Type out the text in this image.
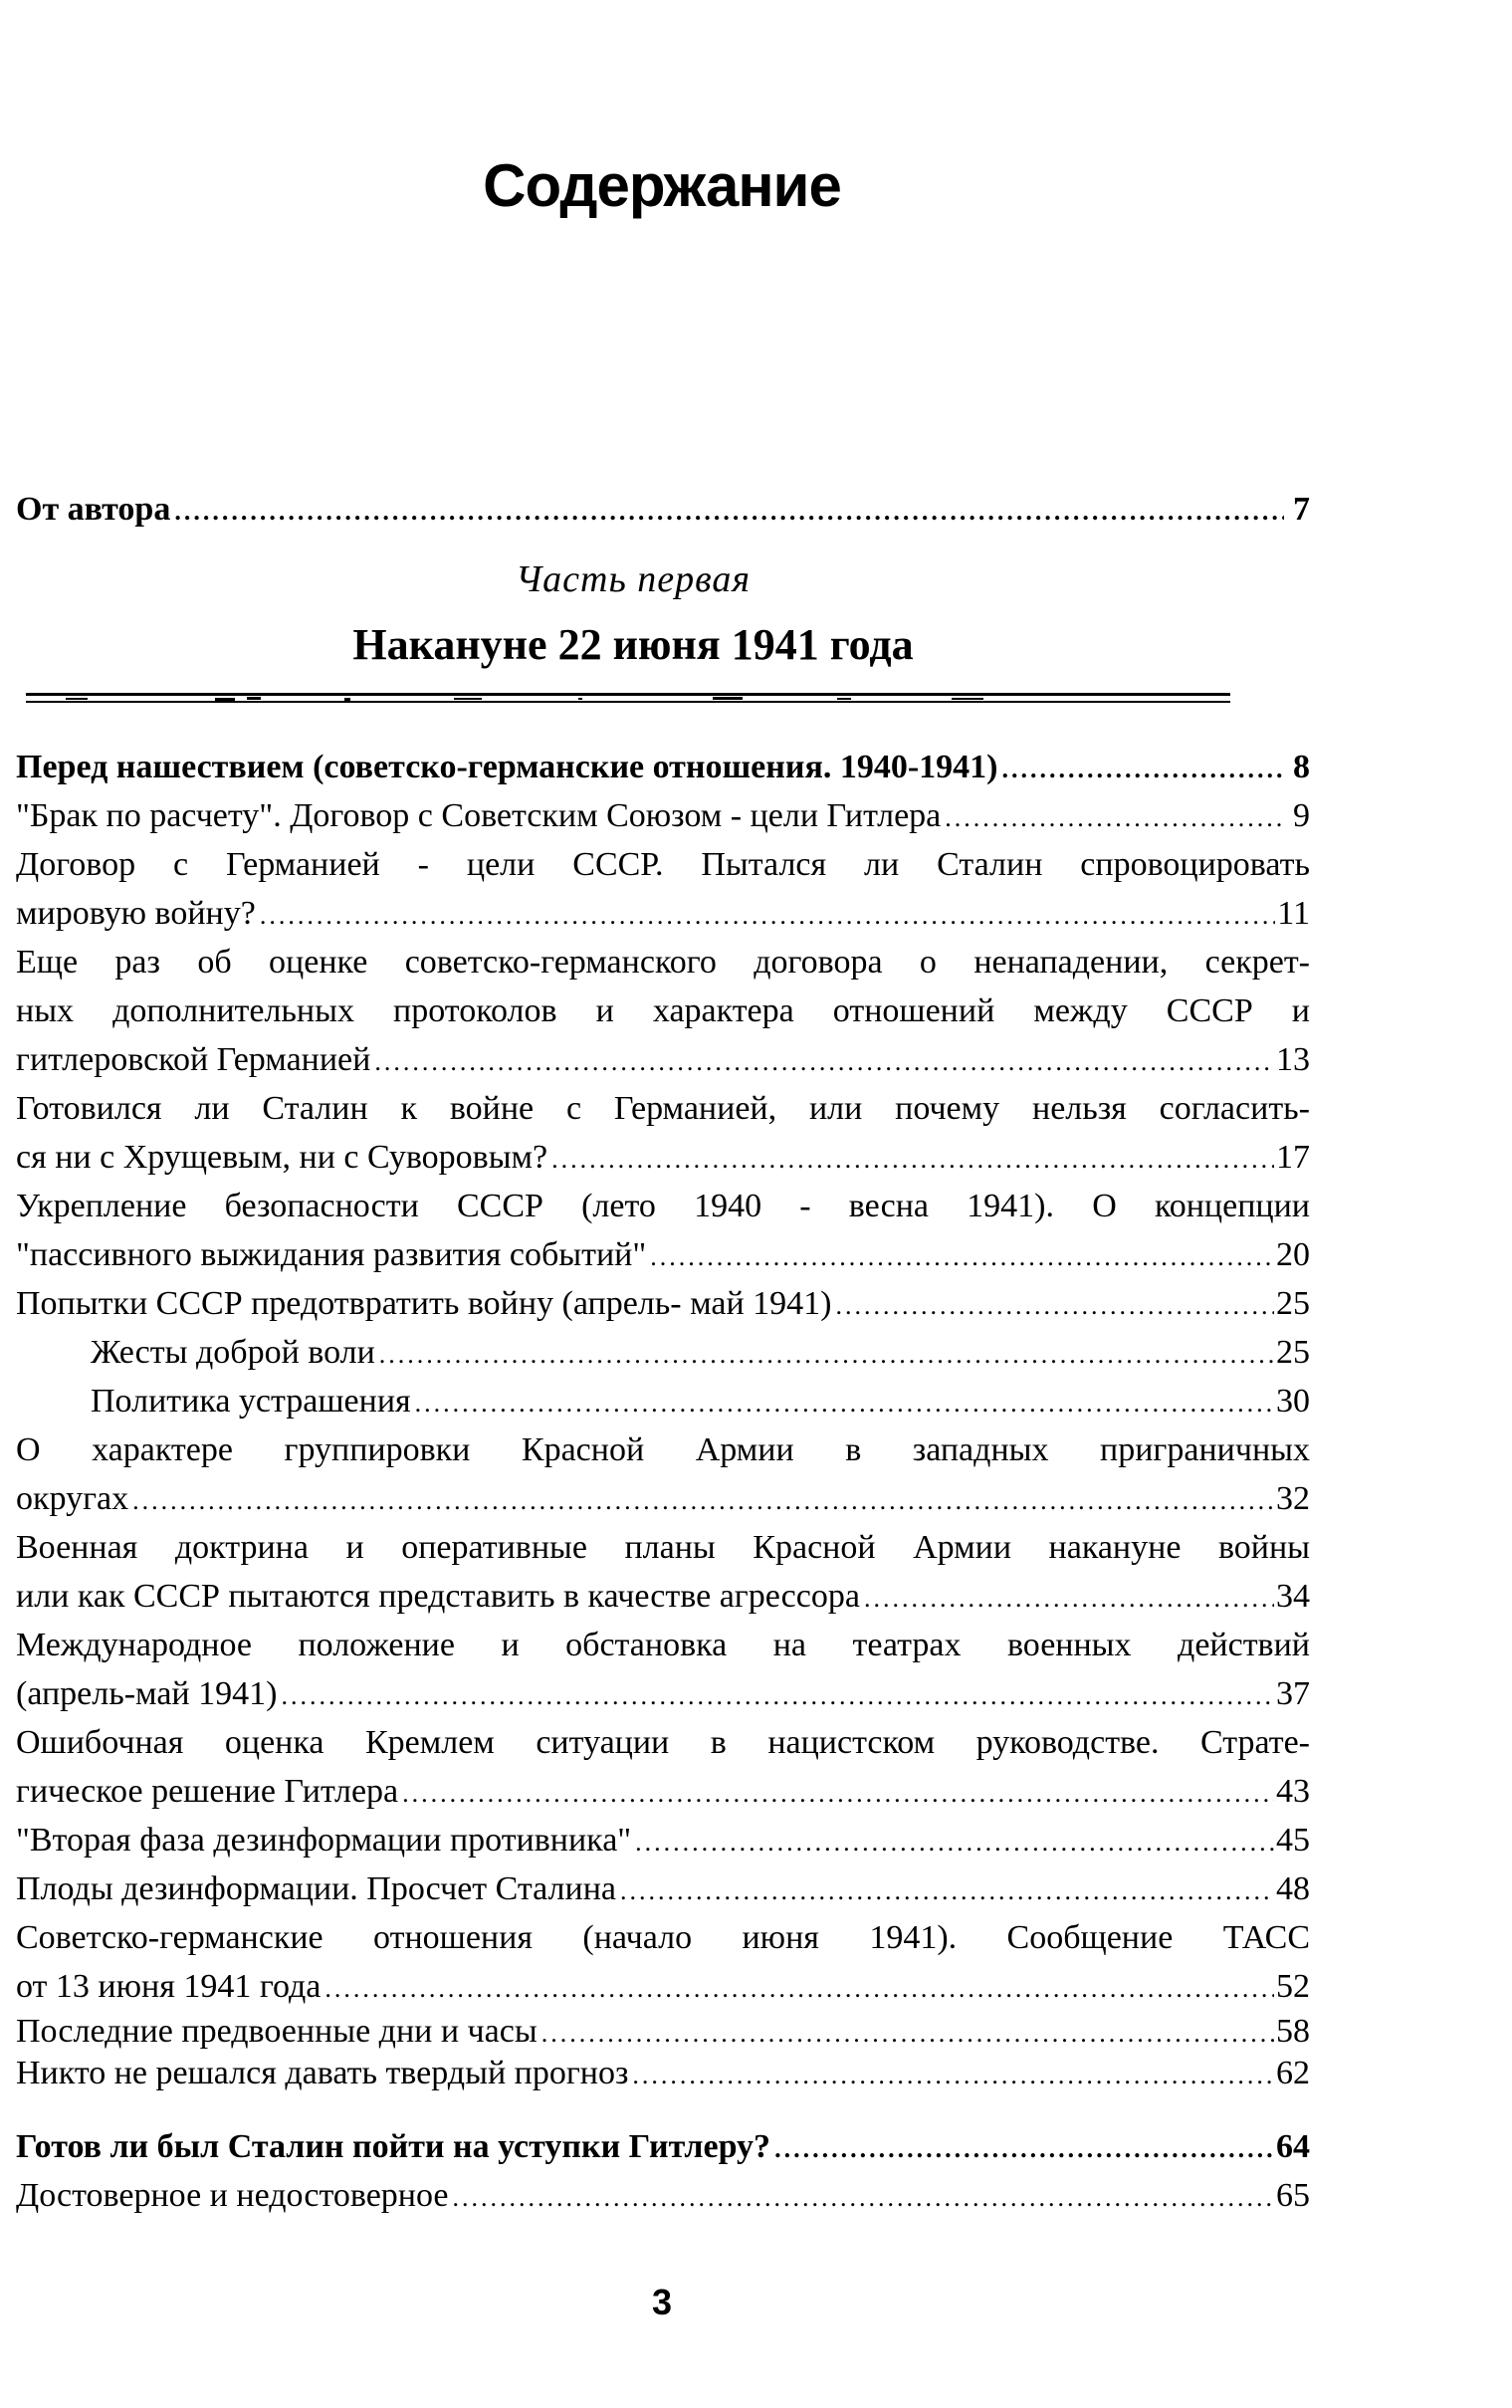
Содержание
От автора .....	7
Часть первая
Накануне 22 июня 1941 года
Перед нашествием (советско-германские отношения. 1940-1941) .....	8
"Брак по расчету". Договор с Советским Союзом - цели Гитлера .....	9
Договор с Германией - цели СССР. Пытался ли Сталин спровоцировать
мировую войну? .....	11
Еще раз об оценке советско-германского договора о ненападении, секрет-
ных дополнительных протоколов и характера отношений между СССР и
гитлеровской Германией .....	13
Готовился ли Сталин к войне с Германией, или почему нельзя согласить-
ся ни с Хрущевым, ни с Суворовым? .....	17
Укрепление безопасности СССР (лето 1940 - весна 1941). О концепции
"пассивного выжидания развития событий" .....	20
Попытки СССР предотвратить войну (апрель- май 1941) .....	25
Жесты доброй воли .....	25
Политика устрашения .....	30
О характере группировки Красной Армии в западных приграничных
округах .....	32
Военная доктрина и оперативные планы Красной Армии накануне войны
или как СССР пытаются представить в качестве агрессора .....	34
Международное положение и обстановка на театрах военных действий
(апрель-май 1941) .....	37
Ошибочная оценка Кремлем ситуации в нацистском руководстве. Страте-
гическое решение Гитлера .....	43
"Вторая фаза дезинформации противника" .....	45
Плоды дезинформации. Просчет Сталина .....	48
Советско-германские отношения (начало июня 1941). Сообщение ТАСС
от 13 июня 1941 года .....	52
Последние предвоенные дни и часы .....	58
Никто не решался давать твердый прогноз .....	62
Готов ли был Сталин пойти на уступки Гитлеру? .....	64
Достоверное и недостоверное .....	65
3
